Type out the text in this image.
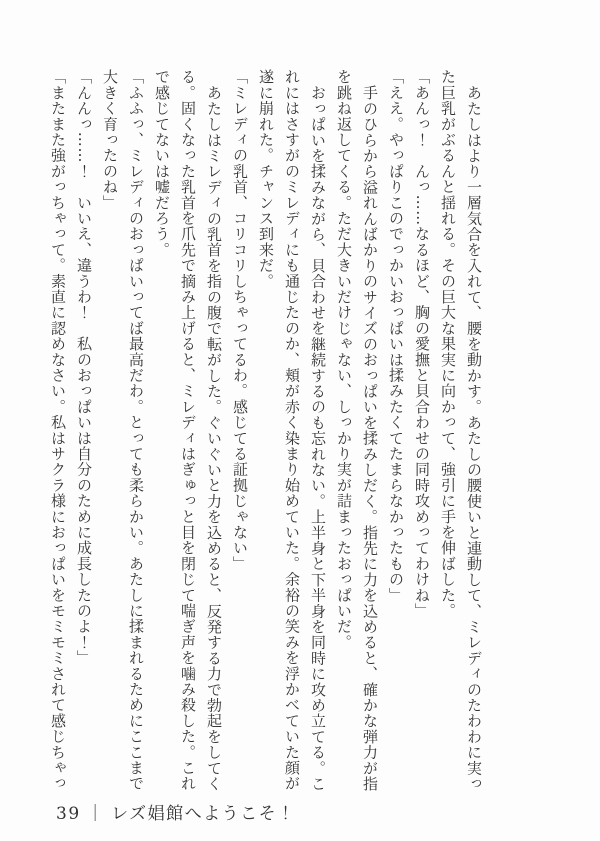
あたしはより一層気合を入れて、腰を動かす。あたしの腰使いと連動して、ミレディのたわわに実った巨乳がぶるんと揺れる。その巨大な果実に向かって、強引に手を伸ばした。

「あんっ！　んっ……なるほど、胸の愛撫と貝合わせの同時攻めってわけね」

「ええ。やっぱりこのでっかいおっぱいは揉みたくてたまらなかったもの」

手のひらから溢れんばかりのサイズのおっぱいを揉みしだく。指先に力を込めると、確かな弾力が指を跳ね返してくる。ただ大きいだけじゃない、しっかり実が詰まったおっぱいだ。

おっぱいを揉みながら、貝合わせを継続するのも忘れない。上半身と下半身を同時に攻め立てる。これにはさすがのミレディにも通じたのか、頬が赤く染まり始めていた。余裕の笑みを浮かべていた顔が遂に崩れた。チャンス到来だ。

「ミレディの乳首、コリコリしちゃってるわ。感じてる証拠じゃない」

あたしはミレディの乳首を指の腹で転がした。ぐいぐいと力を込めると、反発する力で勃起をしてくる。固くなった乳首を爪先で摘み上げると、ミレディはぎゅっと目を閉じて喘ぎ声を噛み殺した。これで感じてないは嘘だろう。

「ふふっ、ミレディのおっぱいってば最高だわ。とっても柔らかい。あたしに揉まれるためにここまで大きく育ったのね」

「んんっ……！　いいえ、違うわ！　私のおっぱいは自分のために成長したのよ！」

「またまた強がっちゃって。素直に認めなさい。私はサクラ様におっぱいをモミモミされて感じちゃっ

39 ｜ レズ娼館へようこそ！
